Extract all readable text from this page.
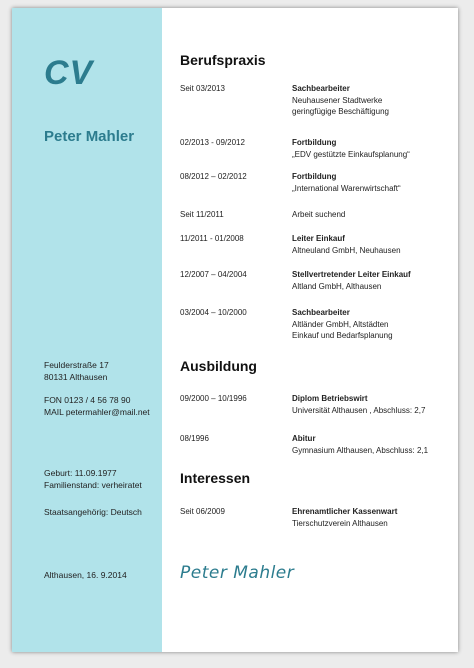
CV
Peter Mahler
Feulderstraße 17
80131 Althausen
FON 0123 / 4 56 78 90
MAIL petermahler@mail.net
Geburt: 11.09.1977
Familienstand: verheiratet
Staatsangehörig: Deutsch
Althausen, 16. 9.2014
Berufspraxis
Seit 03/2013	Sachbearbeiter
Neuhausener Stadtwerke
geringfügige Beschäftigung
02/2013 - 09/2012	Fortbildung
„EDV gestützte Einkaufsplanung“
08/2012 – 02/2012	Fortbildung
„International Warenwirtschaft“
Seit 11/2011	Arbeit suchend
11/2011 - 01/2008	Leiter Einkauf
Altneuland GmbH, Neuhausen
12/2007 – 04/2004	Stellvertretender Leiter Einkauf
Altland GmbH, Althausen
03/2004 – 10/2000	Sachbearbeiter
Altländer GmbH, Altstädten
Einkauf und Bedarfsplanung
Ausbildung
09/2000 – 10/1996	Diplom Betriebswirt
Universität Althausen , Abschluss: 2,7
08/1996	Abitur
Gymnasium Althausen, Abschluss: 2,1
Interessen
Seit 06/2009	Ehrenamtlicher Kassenwart
Tierschutzverein Althausen
Peter Mahler
